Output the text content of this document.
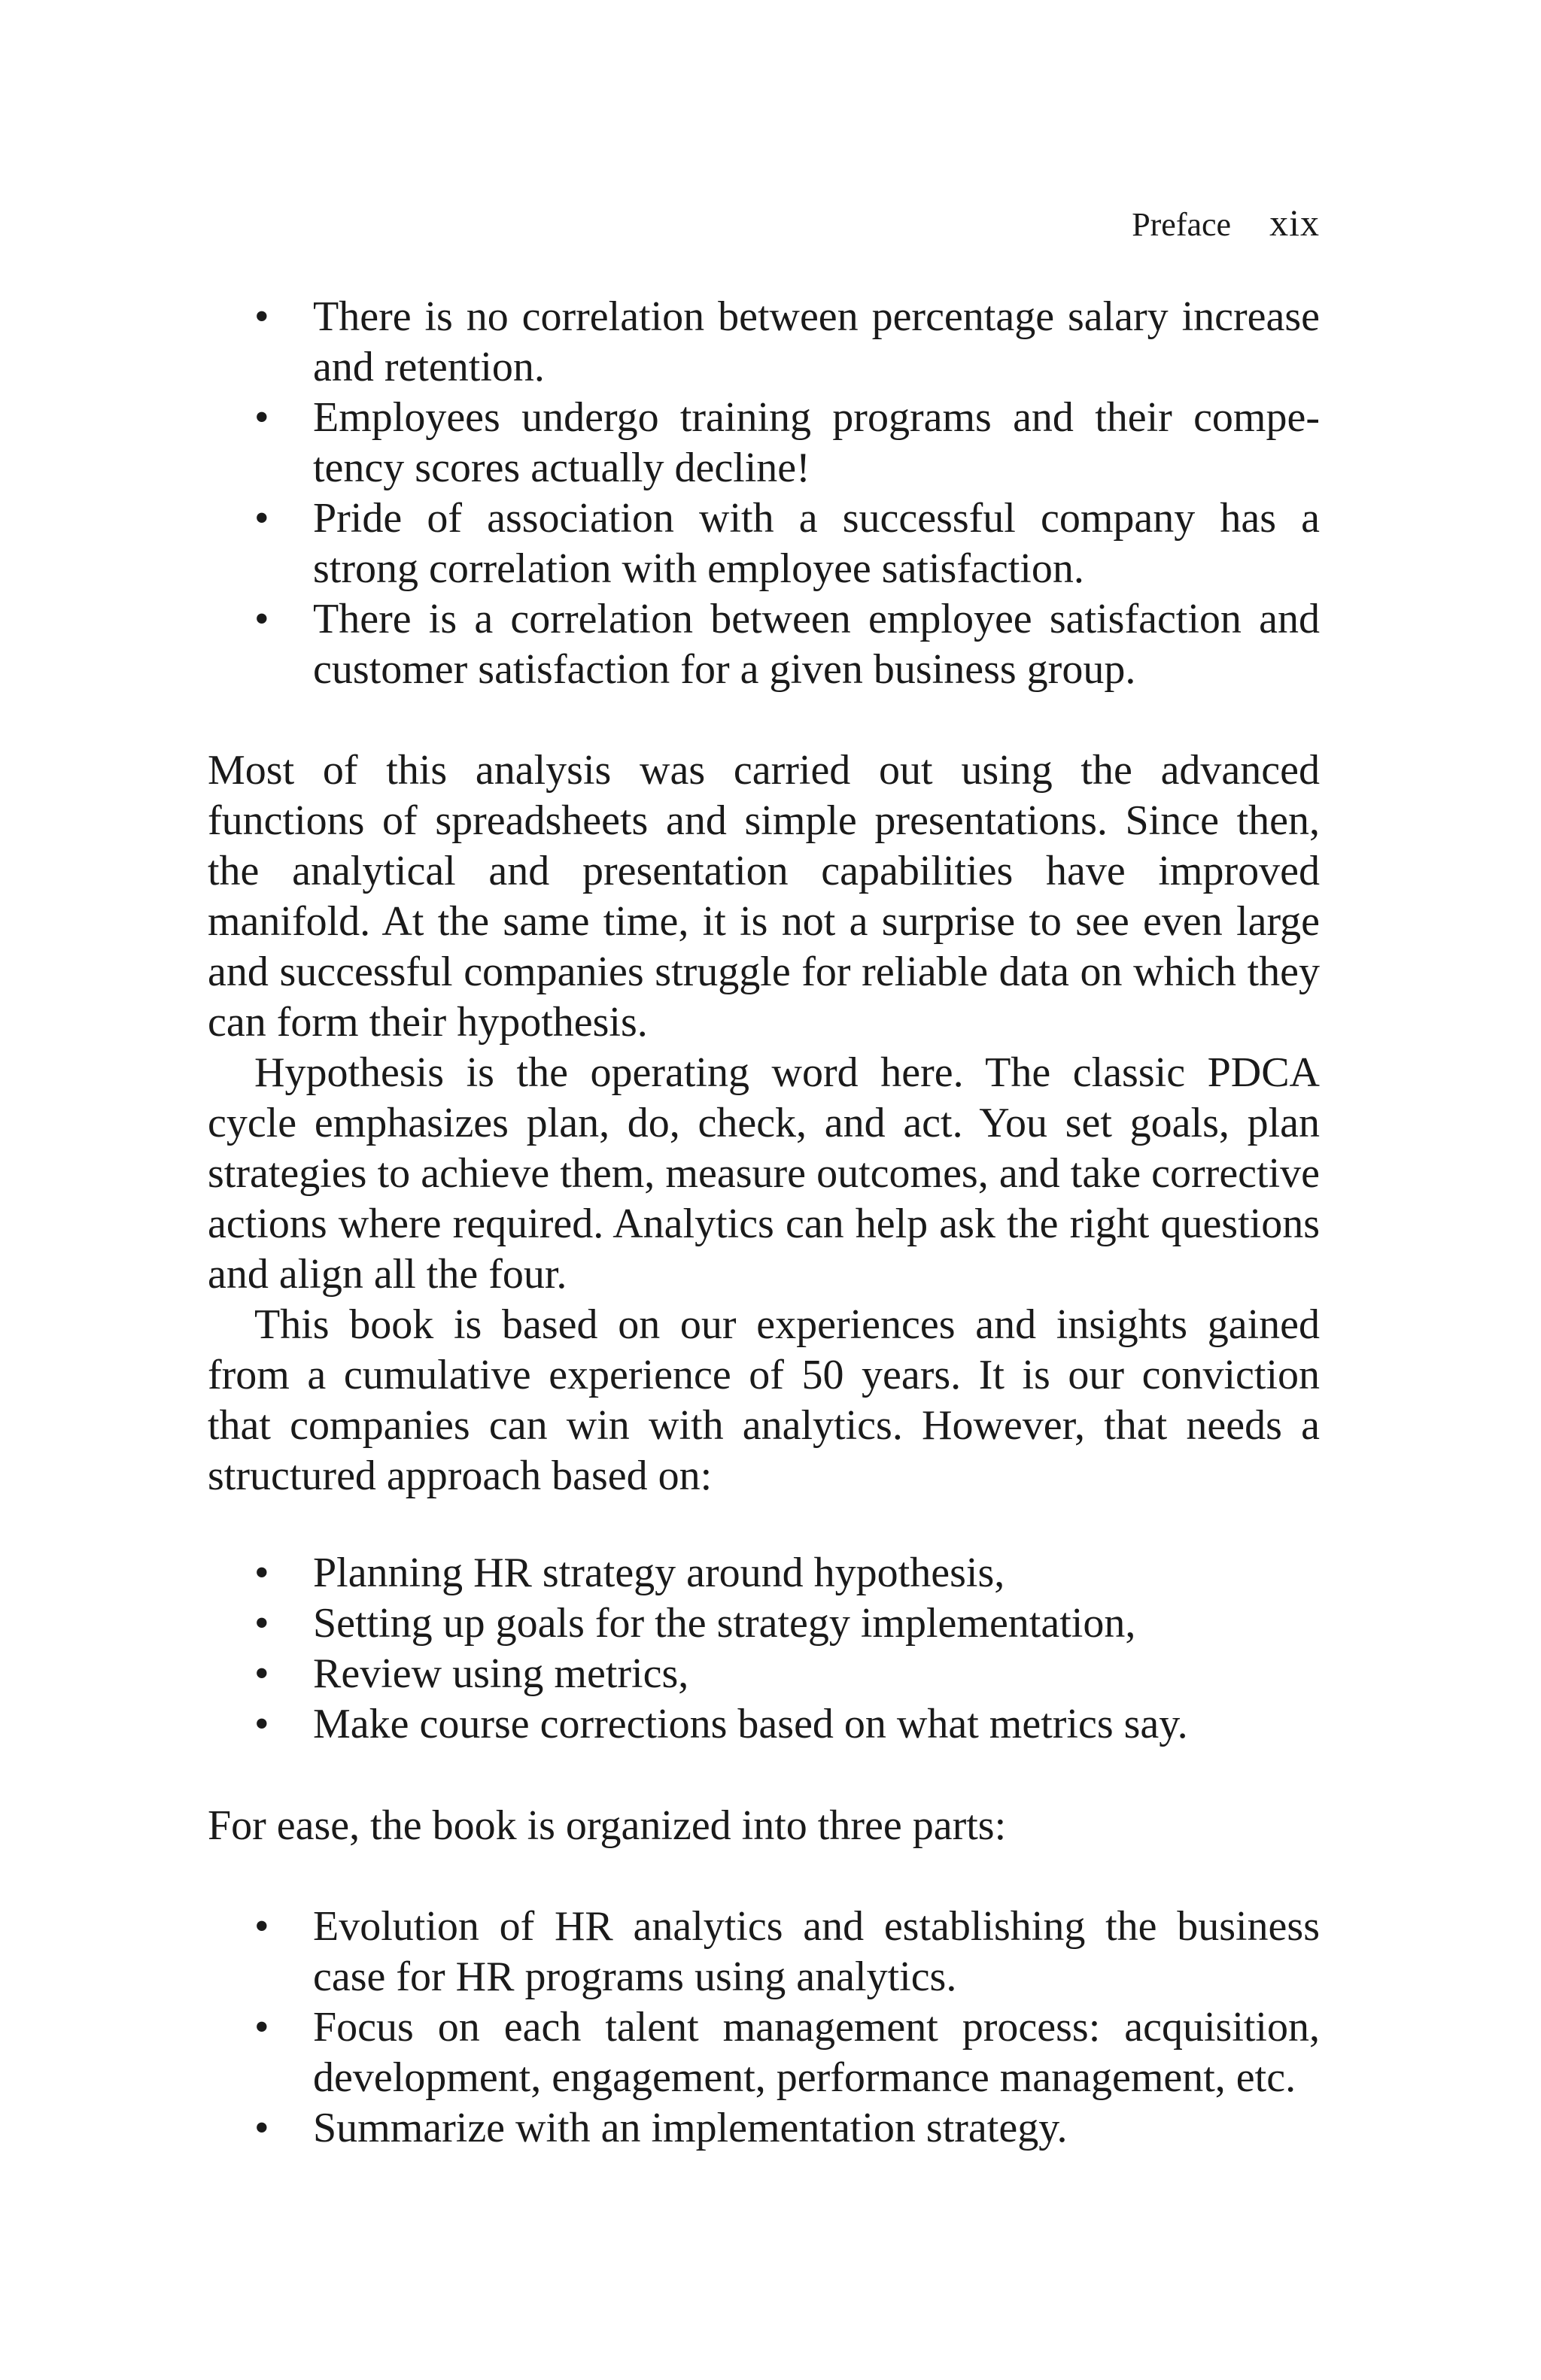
Preface xix
• There is no correlation between percentage salary increase and retention.
• Employees undergo training programs and their competency scores actually decline!
• Pride of association with a successful company has a strong correlation with employee satisfaction.
• There is a correlation between employee satisfaction and customer satisfaction for a given business group.

Most of this analysis was carried out using the advanced functions of spreadsheets and simple presentations. Since then, the analytical and presentation capabilities have improved manifold. At the same time, it is not a surprise to see even large and successful companies struggle for reliable data on which they can form their hypothesis.

Hypothesis is the operating word here. The classic PDCA cycle emphasizes plan, do, check, and act. You set goals, plan strategies to achieve them, measure outcomes, and take corrective actions where required. Analytics can help ask the right questions and align all the four.

This book is based on our experiences and insights gained from a cumulative experience of 50 years. It is our conviction that companies can win with analytics. However, that needs a structured approach based on:

• Planning HR strategy around hypothesis,
• Setting up goals for the strategy implementation,
• Review using metrics,
• Make course corrections based on what metrics say.

For ease, the book is organized into three parts:

• Evolution of HR analytics and establishing the business case for HR programs using analytics.
• Focus on each talent management process: acquisition, development, engagement, performance management, etc.
• Summarize with an implementation strategy.
